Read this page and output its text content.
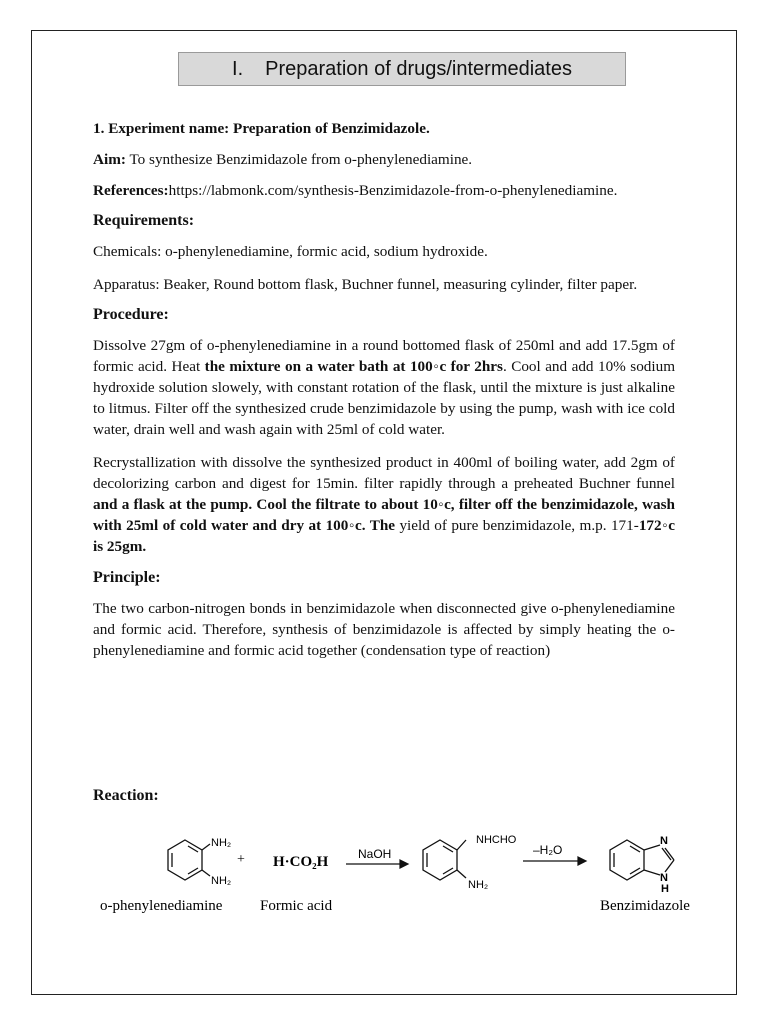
I. Preparation of drugs/intermediates

1. Experiment name: Preparation of Benzimidazole.

Aim: To synthesize Benzimidazole from o-phenylenediamine.

References:https://labmonk.com/synthesis-Benzimidazole-from-o-phenylenediamine.

Requirements:

Chemicals: o-phenylenediamine, formic acid, sodium hydroxide.

Apparatus: Beaker, Round bottom flask, Buchner funnel, measuring cylinder, filter paper.

Procedure:

Dissolve 27gm of o-phenylenediamine in a round bottomed flask of 250ml and add 17.5gm of formic acid. Heat the mixture on a water bath at 100◦c for 2hrs. Cool and add 10% sodium hydroxide solution slowely, with constant rotation of the flask, until the mixture is just alkaline to litmus. Filter off the synthesized crude benzimidazole by using the pump, wash with ice cold water, drain well and wash again with 25ml of cold water.

Recrystallization with dissolve the synthesized product in 400ml of boiling water, add 2gm of decolorizing carbon and digest for 15min. filter rapidly through a preheated Buchner funnel and a flask at the pump. Cool the filtrate to about 10◦c, filter off the benzimidazole, wash with 25ml of cold water and dry at 100◦c. The yield of pure benzimidazole, m.p. 171-172◦c is 25gm.

Principle:

The two carbon-nitrogen bonds in benzimidazole when disconnected give o-phenylenediamine and formic acid. Therefore, synthesis of benzimidazole is affected by simply heating the o-phenylenediamine and formic acid together (condensation type of reaction)

Reaction:
NH₂
NH₂
o-phenylenediamine
+ H·CO₂H
Formic acid
NaOH
NHCHO
NH₂
–H₂O
N
N
H
Benzimidazole
